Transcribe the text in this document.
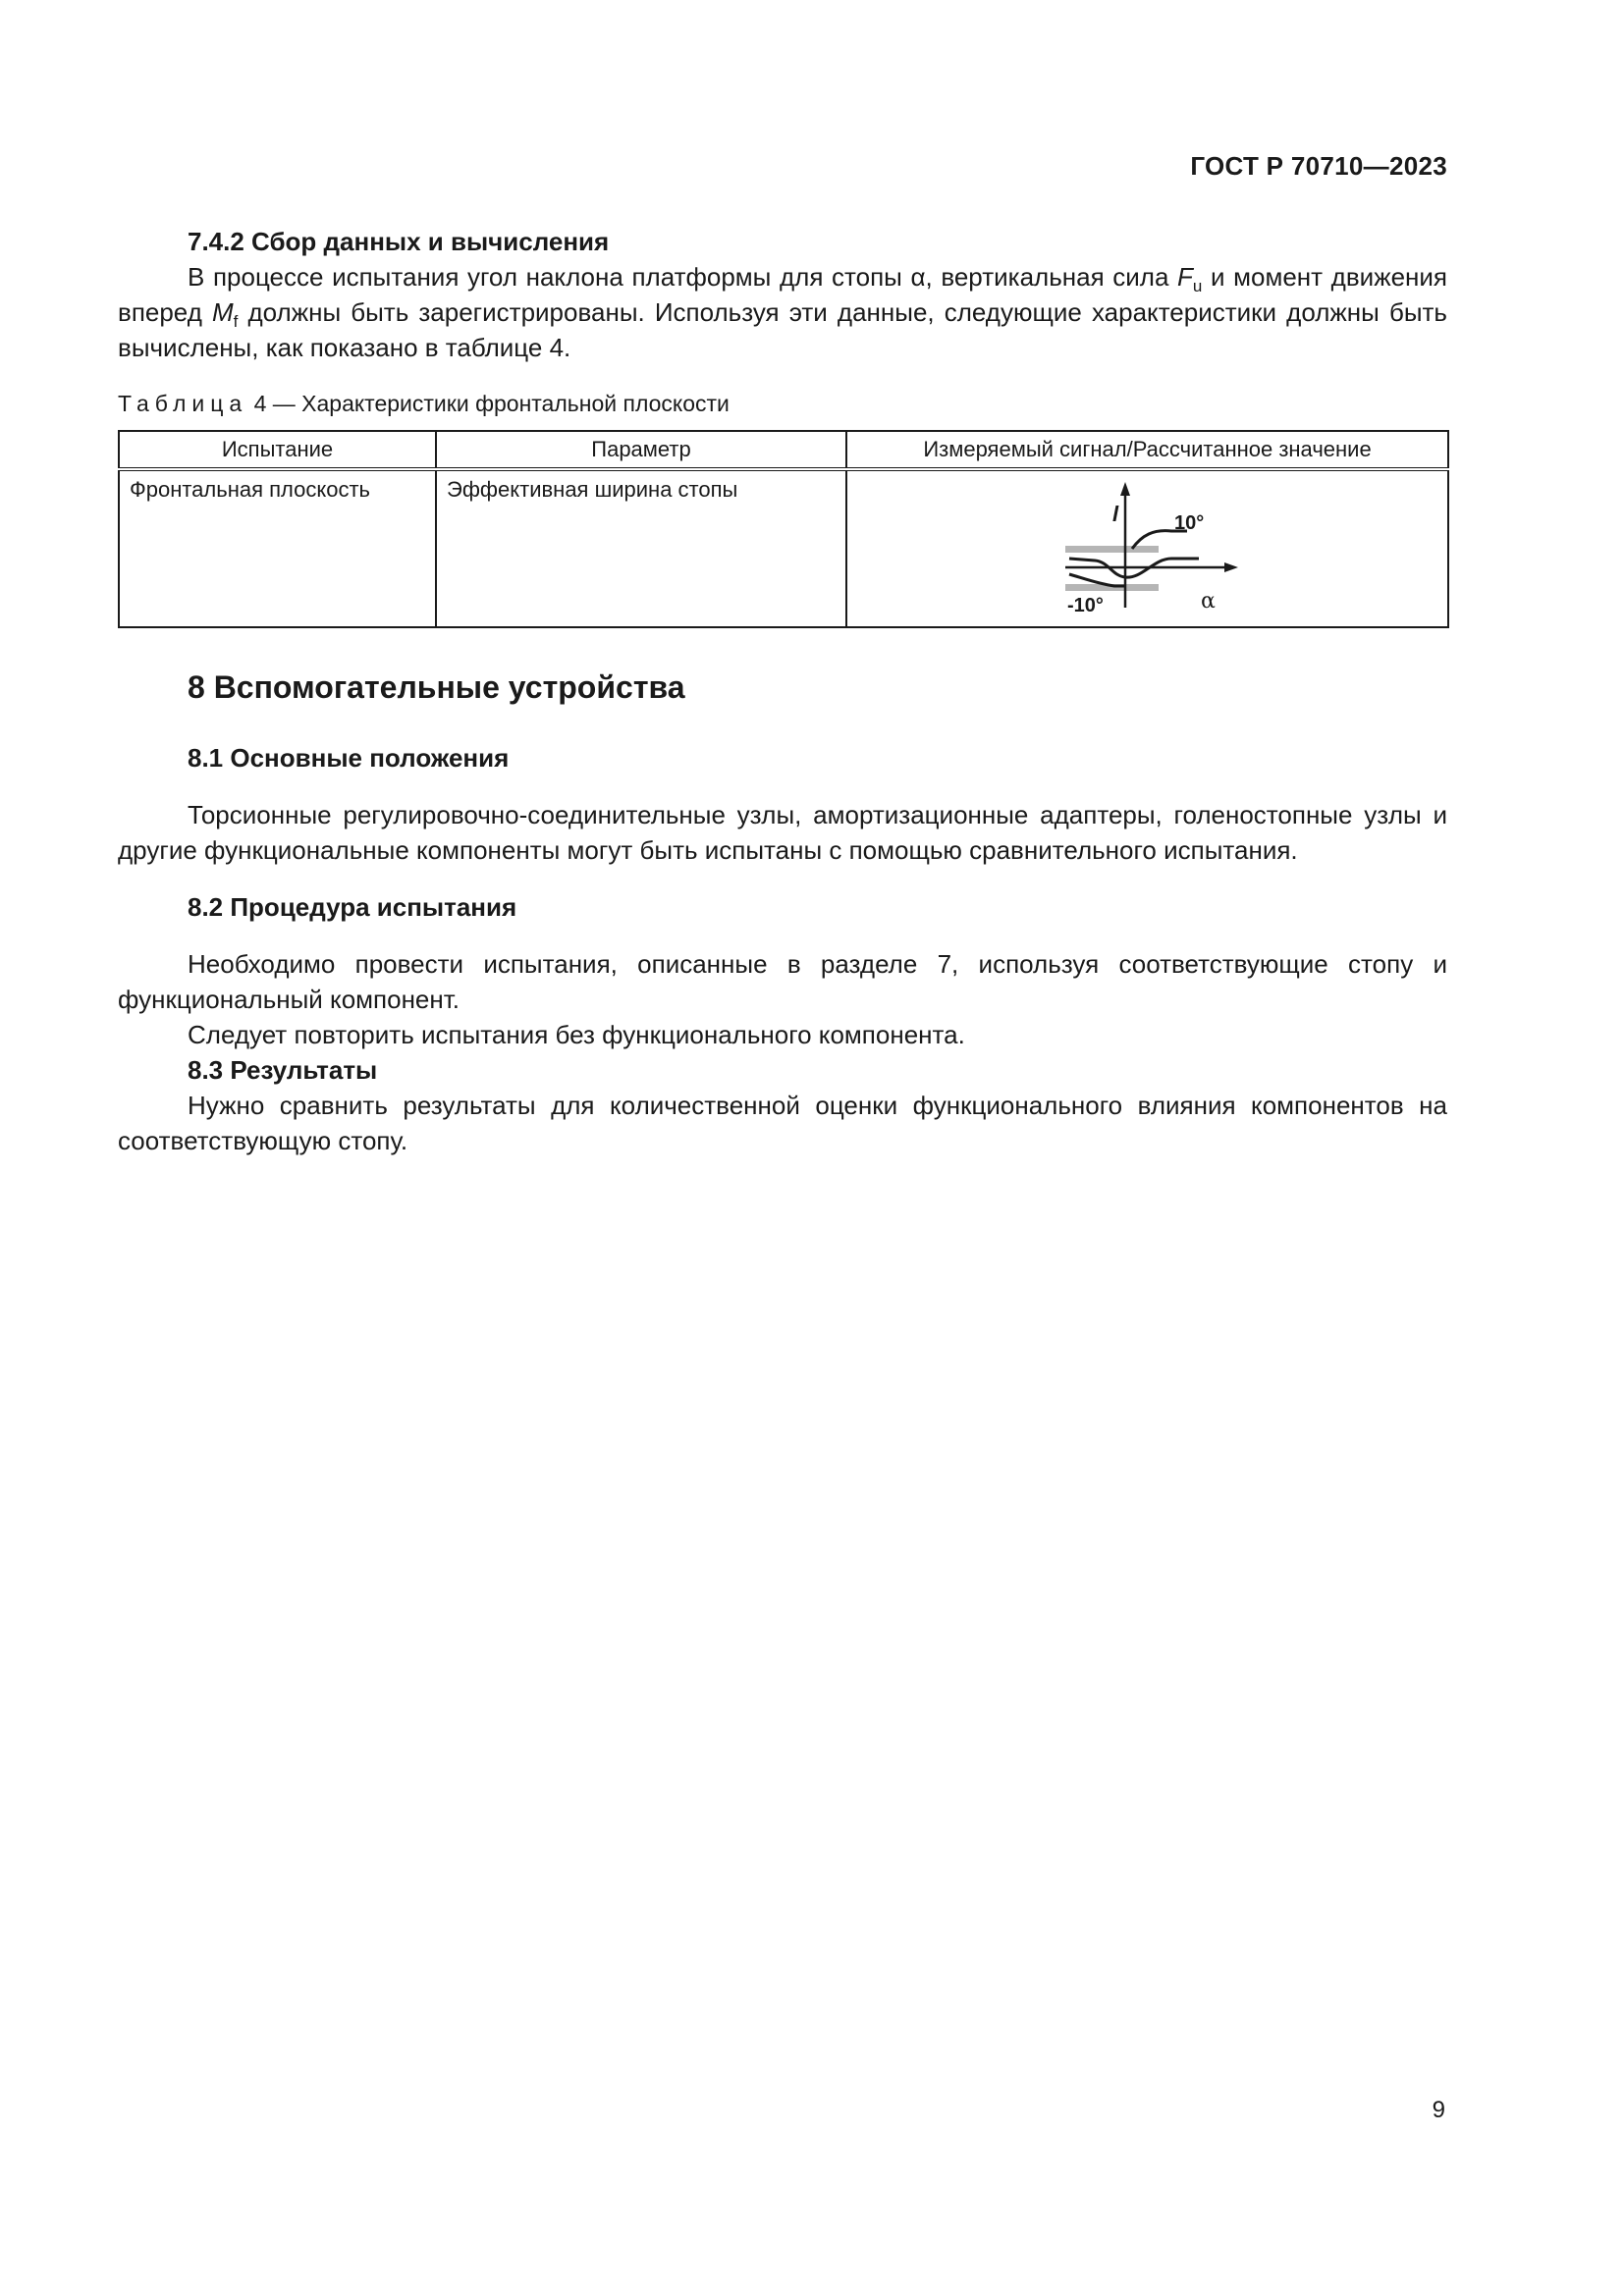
ГОСТ Р 70710—2023

7.4.2 Сбор данных и вычисления

В процессе испытания угол наклона платформы для стопы α, вертикальная сила $F_u$ и момент движения вперед $M_f$ должны быть зарегистрированы. Используя эти данные, следующие характеристики должны быть вычислены, как показано в таблице 4.

Таблица 4 — Характеристики фронтальной плоскости

Испытание	Параметр	Измеряемый сигнал/Рассчитанное значение
Фронтальная плоскость	Эффективная ширина стопы	l 10°
-10° α

8 Вспомогательные устройства

8.1 Основные положения

Торсионные регулировочно-соединительные узлы, амортизационные адаптеры, голеностопные узлы и другие функциональные компоненты могут быть испытаны с помощью сравнительного испытания.

8.2 Процедура испытания

Необходимо провести испытания, описанные в разделе 7, используя соответствующие стопу и функциональный компонент.

Следует повторить испытания без функционального компонента.

8.3 Результаты

Нужно сравнить результаты для количественной оценки функционального влияния компонентов на соответствующую стопу.

9
